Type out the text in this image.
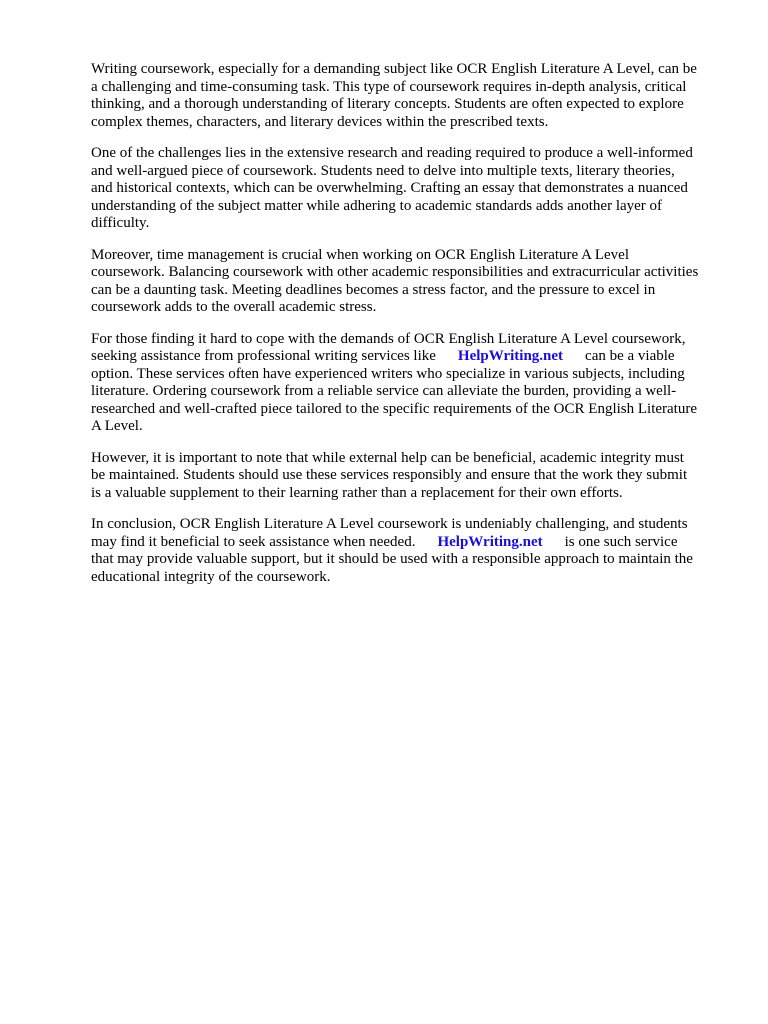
Writing coursework, especially for a demanding subject like OCR English Literature A Level, can be
a challenging and time-consuming task. This type of coursework requires in-depth analysis, critical
thinking, and a thorough understanding of literary concepts. Students are often expected to explore
complex themes, characters, and literary devices within the prescribed texts.

One of the challenges lies in the extensive research and reading required to produce a well-informed
and well-argued piece of coursework. Students need to delve into multiple texts, literary theories,
and historical contexts, which can be overwhelming. Crafting an essay that demonstrates a nuanced
understanding of the subject matter while adhering to academic standards adds another layer of
difficulty.

Moreover, time management is crucial when working on OCR English Literature A Level
coursework. Balancing coursework with other academic responsibilities and extracurricular activities
can be a daunting task. Meeting deadlines becomes a stress factor, and the pressure to excel in
coursework adds to the overall academic stress.

For those finding it hard to cope with the demands of OCR English Literature A Level coursework,
seeking assistance from professional writing services like HelpWriting.net can be a viable
option. These services often have experienced writers who specialize in various subjects, including
literature. Ordering coursework from a reliable service can alleviate the burden, providing a well-
researched and well-crafted piece tailored to the specific requirements of the OCR English Literature
A Level.

However, it is important to note that while external help can be beneficial, academic integrity must
be maintained. Students should use these services responsibly and ensure that the work they submit
is a valuable supplement to their learning rather than a replacement for their own efforts.

In conclusion, OCR English Literature A Level coursework is undeniably challenging, and students
may find it beneficial to seek assistance when needed. HelpWriting.net is one such service
that may provide valuable support, but it should be used with a responsible approach to maintain the
educational integrity of the coursework.
